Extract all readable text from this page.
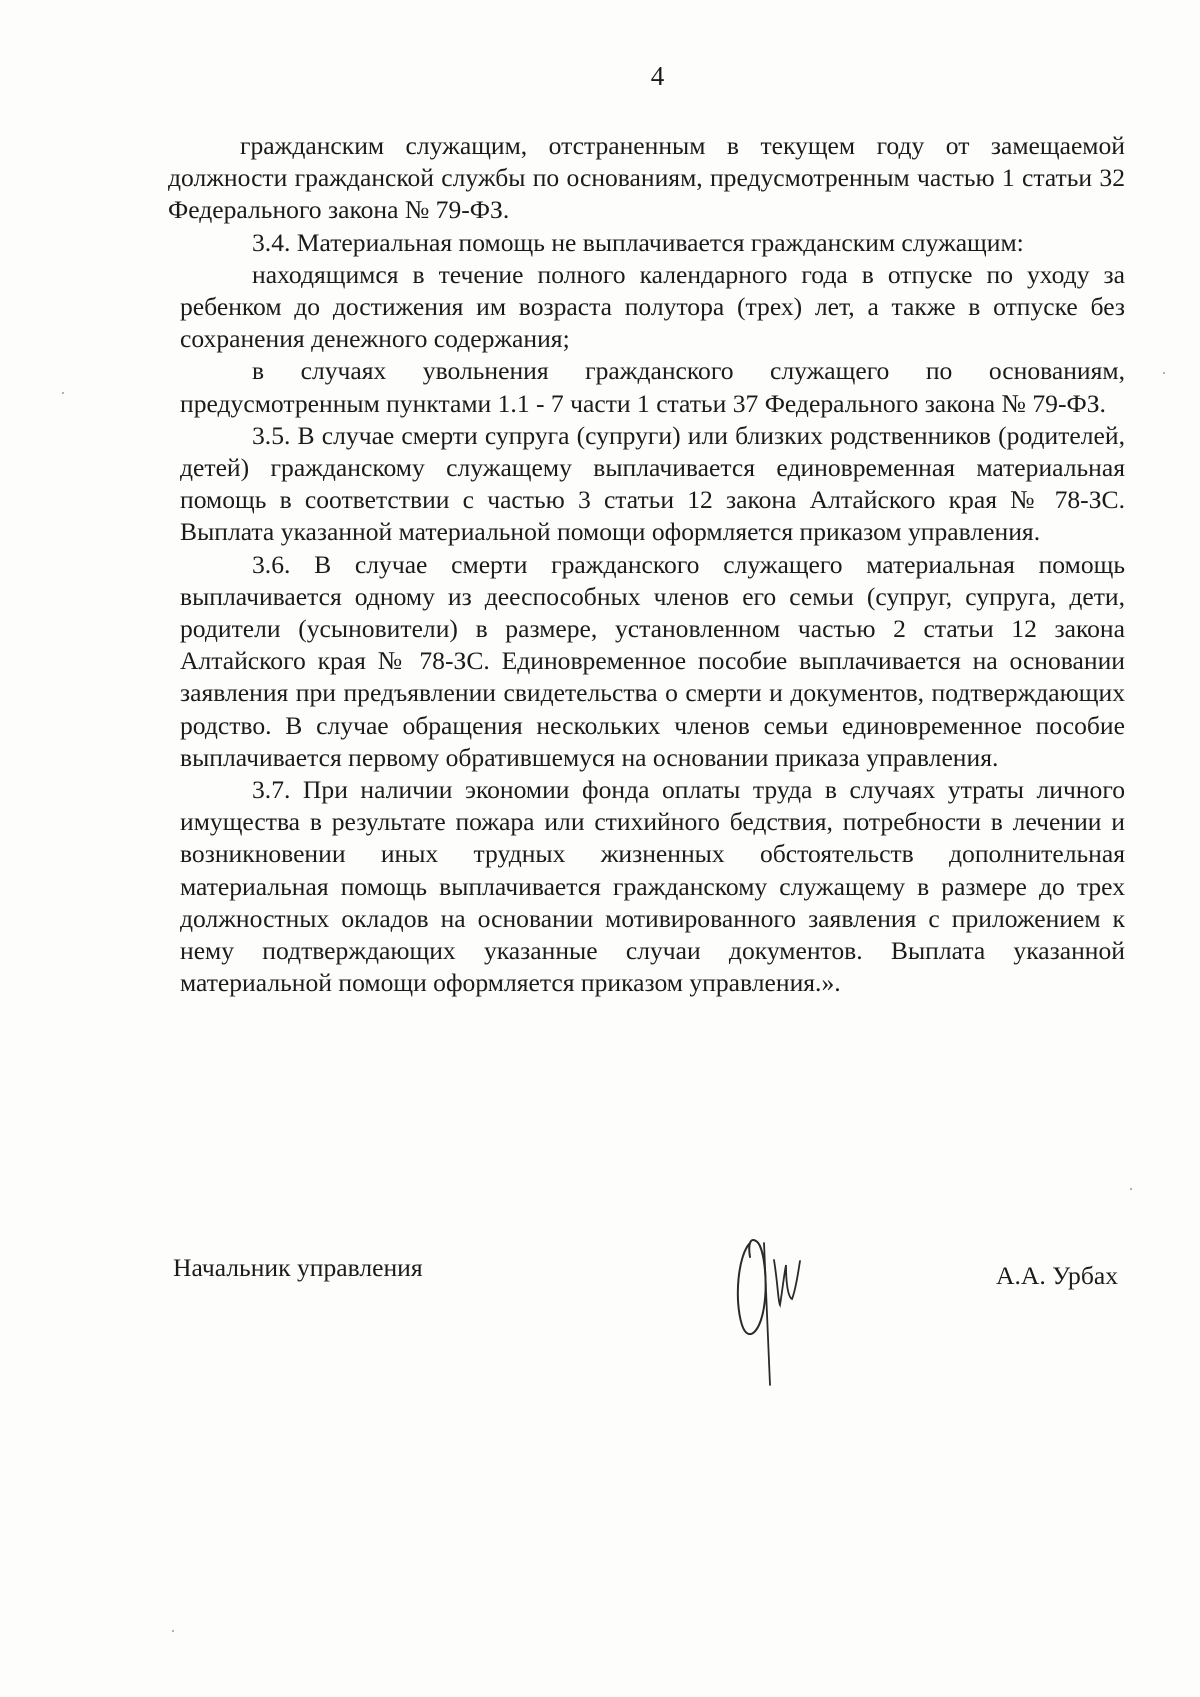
4

гражданским служащим, отстраненным в текущем году от замещаемой должности гражданской службы по основаниям, предусмотренным частью 1 статьи 32 Федерального закона № 79-ФЗ.

3.4. Материальная помощь не выплачивается гражданским служащим:

находящимся в течение полного календарного года в отпуске по уходу за ребенком до достижения им возраста полутора (трех) лет, а также в отпуске без сохранения денежного содержания;

в случаях увольнения гражданского служащего по основаниям, предусмотренным пунктами 1.1 - 7 части 1 статьи 37 Федерального закона № 79-ФЗ.

3.5. В случае смерти супруга (супруги) или близких родственников (родителей, детей) гражданскому служащему выплачивается единовременная материальная помощь в соответствии с частью 3 статьи 12 закона Алтайского края № 78-ЗС. Выплата указанной материальной помощи оформляется приказом управления.

3.6. В случае смерти гражданского служащего материальная помощь выплачивается одному из дееспособных членов его семьи (супруг, супруга, дети, родители (усыновители) в размере, установленном частью 2 статьи 12 закона Алтайского края № 78-ЗС. Единовременное пособие выплачивается на основании заявления при предъявлении свидетельства о смерти и документов, подтверждающих родство. В случае обращения нескольких членов семьи единовременное пособие выплачивается первому обратившемуся на основании приказа управления.

3.7. При наличии экономии фонда оплаты труда в случаях утраты личного имущества в результате пожара или стихийного бедствия, потребности в лечении и возникновении иных трудных жизненных обстоятельств дополнительная материальная помощь выплачивается гражданскому служащему в размере до трех должностных окладов на основании мотивированного заявления с приложением к нему подтверждающих указанные случаи документов. Выплата указанной материальной помощи оформляется приказом управления.».

Начальник управления	А.А. Урбах
